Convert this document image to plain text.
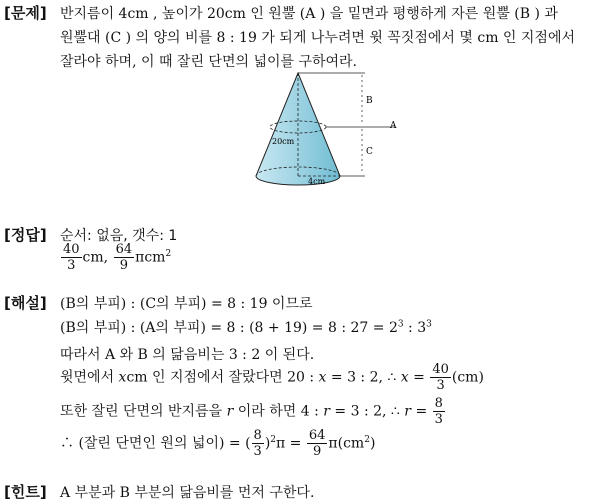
[문제] 반지름이 4cm , 높이가 20cm 인 원뿔 (A ) 을 밑면과 평행하게 자른 원뿔 (B ) 과
원뿔대 (C ) 의 양의 비를 8 : 19 가 되게 나누려면 윗 꼭짓점에서 몇 cm 인 지점에서
잘라야 하며, 이 때 잘린 단면의 넓이를 구하여라.
B
A
C
20cm
4cm
[정답] 순서: 없음, 갯수: 1
$\frac{40}{3}$ cm, $\frac{64}{9} \pi cm^2$
[해설] (B의 부피) : (C의 부피) = 8 : 19 이므로
(B의 부피) : (A의 부피) = 8 : (8 + 19) = 8 : $27 = 2^3$ : $3^3$
따라서 A 와 B 의 닮음비는 3 : 2 이 된다.
윗면에서 xcm 인 지점에서 잘랐다면 20 : x = 3 : 2, ∴ $x = \frac{40}{3} (cm)$
또한 잘린 단면의 반지름을 r 이라 하면 4 : r = 3 : 2, ∴ $r = \frac{8}{3}$
∴ (잘린 단면인 원의 넓이) = ( $\frac{8}{3} )^2\pi = \frac{64}{9} \pi(cm^2)$
[힌트] A 부분과 B 부분의 닮음비를 먼저 구한다.
